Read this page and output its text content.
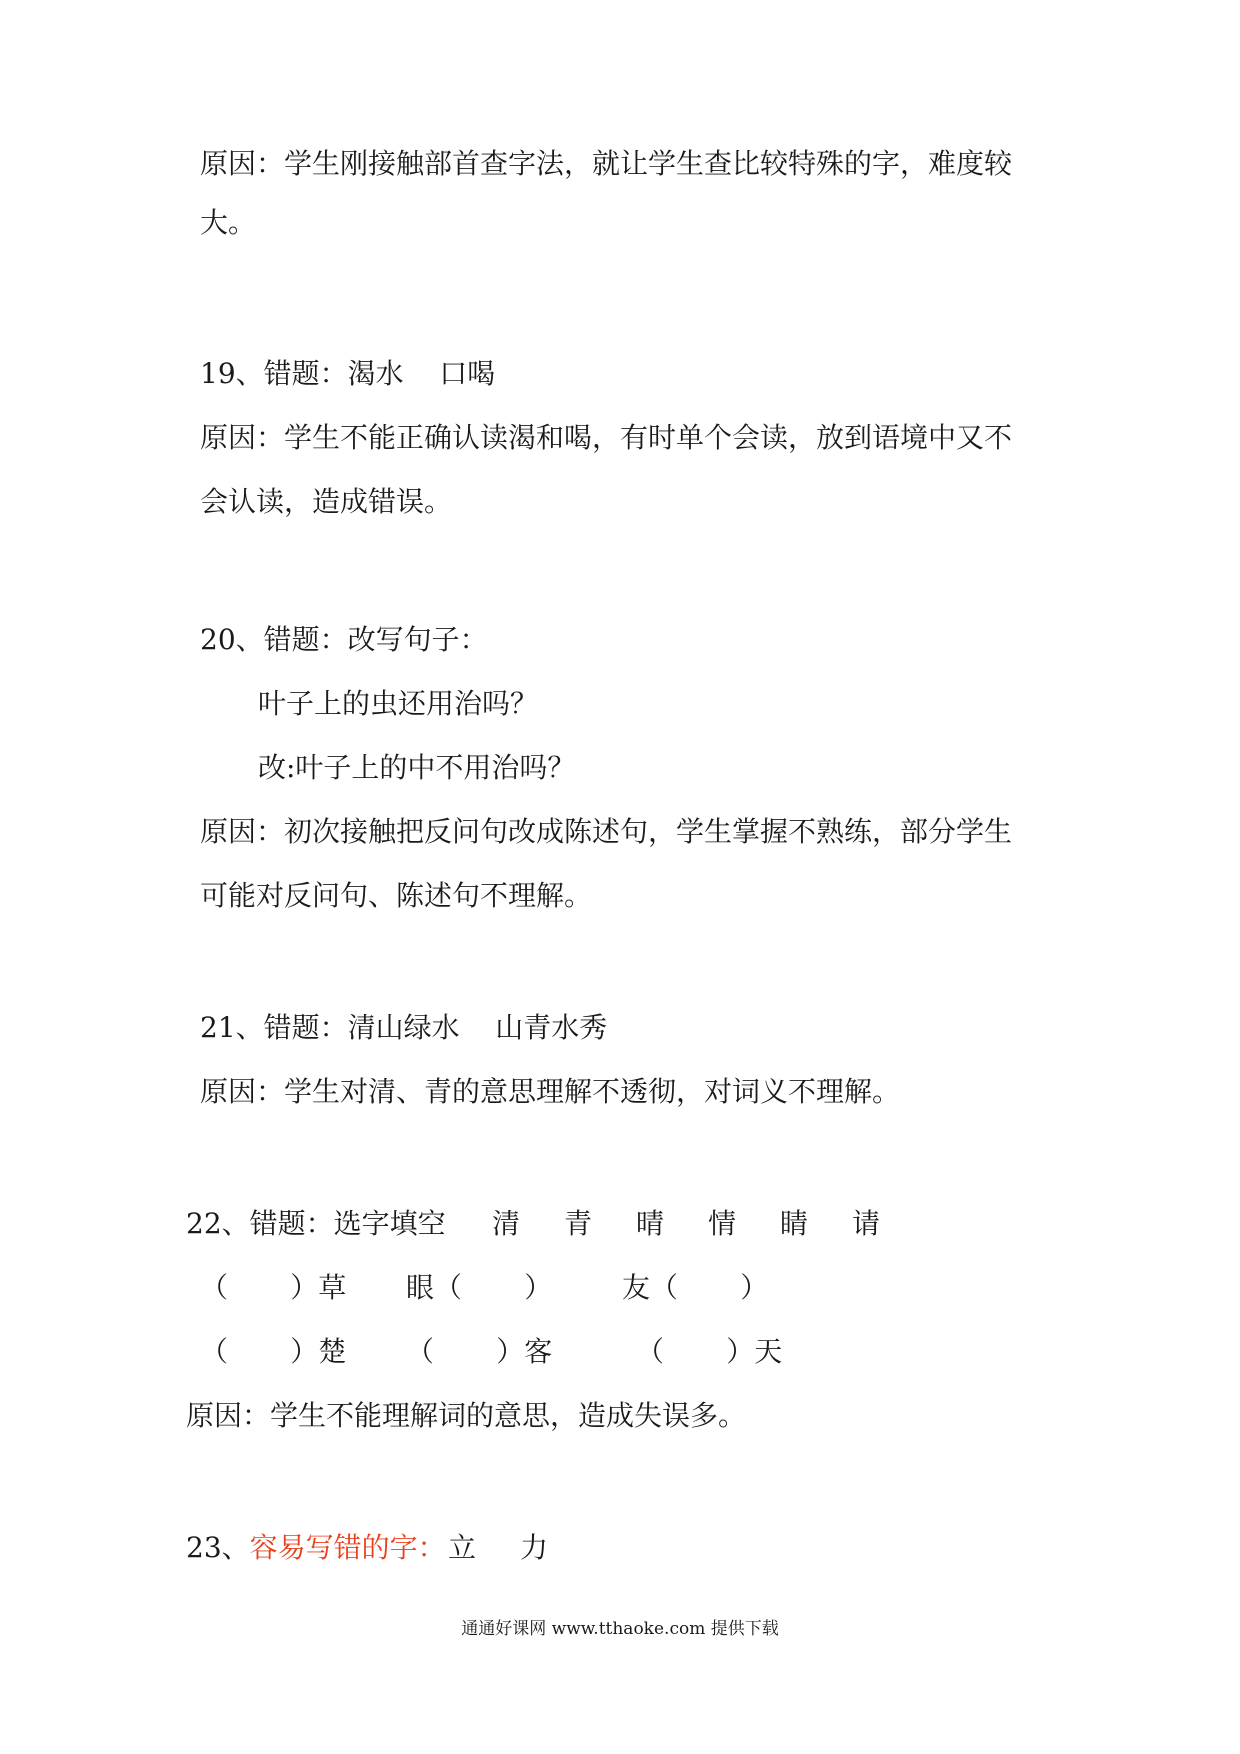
原因：学生刚接触部首查字法，就让学生查比较特殊的字，难度较
大。
19、错题：渴水    口喝
原因：学生不能正确认读渴和喝，有时单个会读，放到语境中又不
会认读，造成错误。
20、错题：改写句子：
叶子上的虫还用治吗？
改:叶子上的中不用治吗？
原因：初次接触把反问句改成陈述句，学生掌握不熟练，部分学生
可能对反问句、陈述句不理解。
21、错题：清山绿水    山青水秀
原因：学生对清、青的意思理解不透彻，对词义不理解。
22、错题：选字填空 清 青 晴 情 睛 请
（       ）草 眼（       ） 友（       ）
（       ）楚 （       ）客	（       ）天
原因：学生不能理解词的意思，造成失误多。
23、容易写错的字： 立 力
通通好课网 www.tthaoke.com 提供下载
